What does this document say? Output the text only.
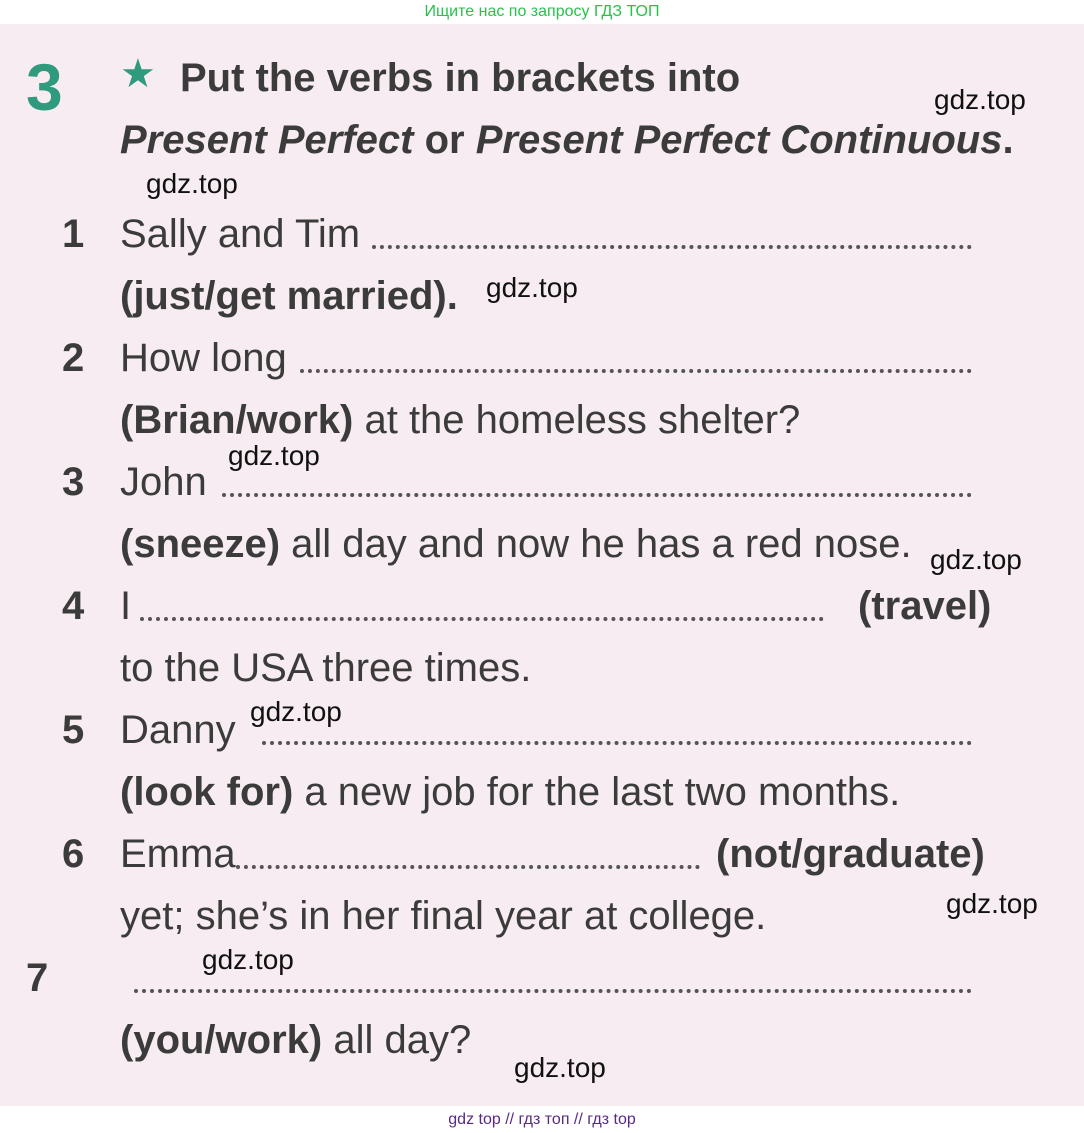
Ищите нас по запросу ГДЗ ТОП

3 ★ Put the verbs in brackets into
Present Perfect or Present Perfect Continuous.
1 Sally and Tim
(just/get married).
2 How long
(Brian/work) at the homeless shelter?
3 John
(sneeze) all day and now he has a red nose.
4 I	(travel)
to the USA three times.
5 Danny
(look for) a new job for the last two months.
6 Emma	(not/graduate)
yet; she’s in her final year at college.
7
(you/work) all day?
gdz.top
gdz.top
gdz.top
gdz.top
gdz.top
gdz.top
gdz.top
gdz.top
gdz.top
gdz top // гдз топ // гдз top
